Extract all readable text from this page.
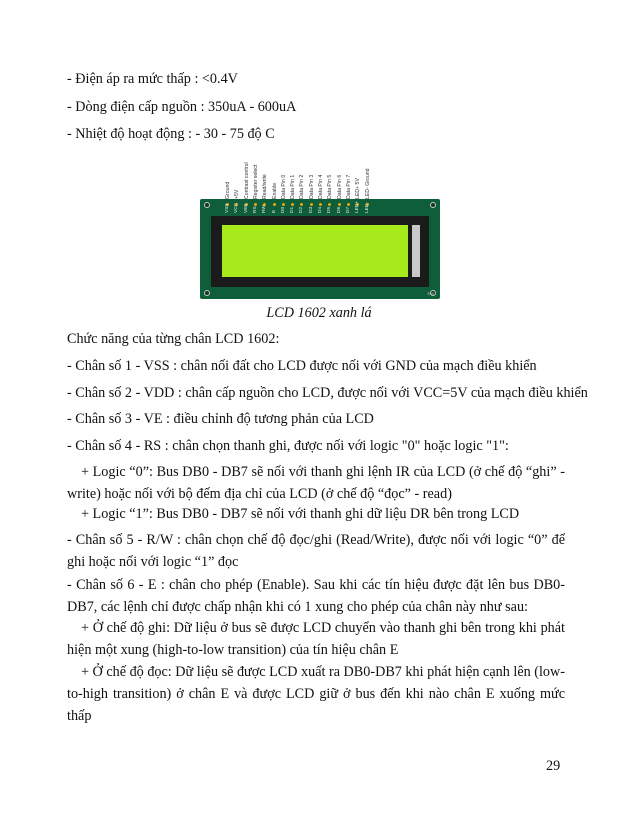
- Điện áp ra mức thấp : <0.4V
- Dòng điện cấp nguồn : 350uA - 600uA
- Nhiệt độ hoạt động : - 30 - 75 độ C
Ground +5V Contrast control Register select Read/write Enable Data Pin 0 Data Pin 1 Data Pin 2 Data Pin 3 Data Pin 4 Data Pin 5 Data Pin 6 Data Pin 7 LED+ 5V LED- Ground
VSS VCC VEE RS RW E D0 D1 D2 D3 D4 D5 D6 D7 LED+ LED-
EW
LCD 1602 xanh lá
Chức năng của từng chân LCD 1602:
- Chân số 1 - VSS : chân nối đất cho LCD được nối với GND của mạch điều khiển
- Chân số 2 - VDD : chân cấp nguồn cho LCD, được nối với VCC=5V của mạch điều khiển
- Chân số 3 - VE : điều chỉnh độ tương phản của LCD
- Chân số 4 - RS : chân chọn thanh ghi, được nối với logic "0" hoặc logic "1":
+ Logic “0”: Bus DB0 - DB7 sẽ nối với thanh ghi lệnh IR của LCD (ở chế độ “ghi” - write) hoặc nối với bộ đếm địa chỉ của LCD (ở chế độ “đọc” - read)
+ Logic “1”: Bus DB0 - DB7 sẽ nối với thanh ghi dữ liệu DR bên trong LCD
- Chân số 5 - R/W : chân chọn chế độ đọc/ghi (Read/Write), được nối với logic “0” để ghi hoặc nối với logic “1” đọc
- Chân số 6 - E : chân cho phép (Enable). Sau khi các tín hiệu được đặt lên bus DB0-DB7, các lệnh chỉ được chấp nhận khi có 1 xung cho phép của chân này như sau:
+ Ở chế độ ghi: Dữ liệu ở bus sẽ được LCD chuyển vào thanh ghi bên trong khi phát hiện một xung (high-to-low transition) của tín hiệu chân E
+ Ở chế độ đọc: Dữ liệu sẽ được LCD xuất ra DB0-DB7 khi phát hiện cạnh lên (low-to-high transition) ở chân E và được LCD giữ ở bus đến khi nào chân E xuống mức thấp
29
